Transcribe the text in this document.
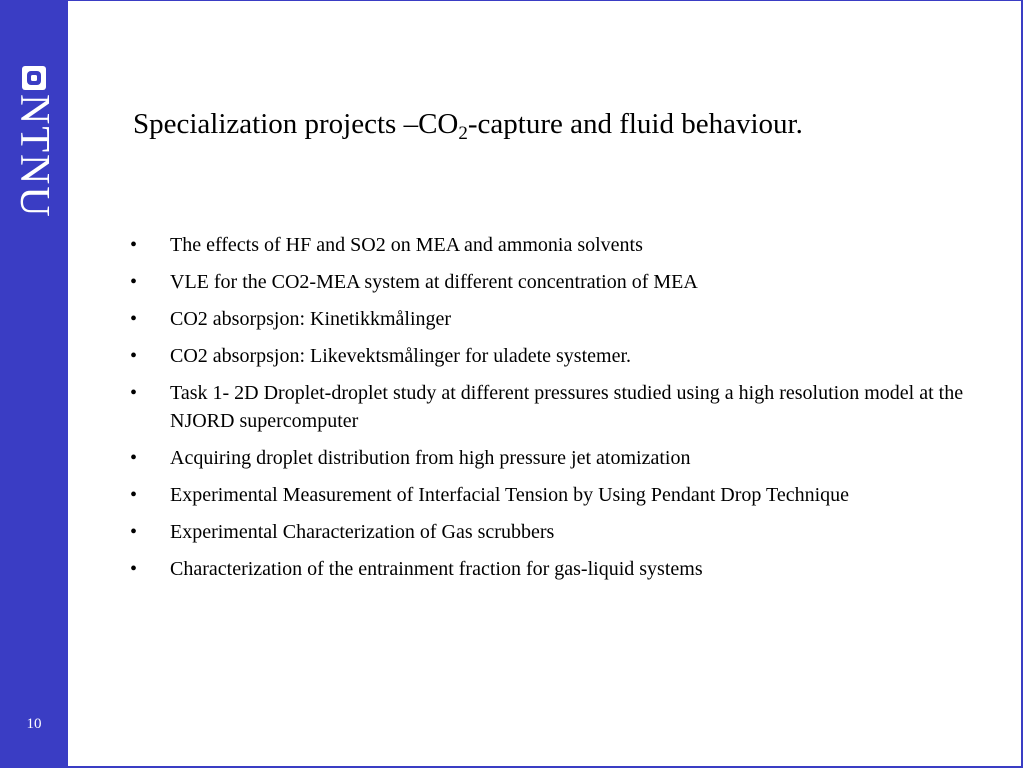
NTNU
10
Specialization projects $-CO_2$-capture and fluid behaviour.
• The effects of HF and SO2 on MEA and ammonia solvents
• VLE for the CO2-MEA system at different concentration of MEA
• CO2 absorpsjon: Kinetikkmålinger
• CO2 absorpsjon: Likevektsmålinger for uladete systemer.
• Task 1- 2D Droplet-droplet study at different pressures studied using a high resolution model at the NJORD supercomputer
• Acquiring droplet distribution from high pressure jet atomization
• Experimental Measurement of Interfacial Tension by Using Pendant Drop Technique
• Experimental Characterization of Gas scrubbers
• Characterization of the entrainment fraction for gas-liquid systems
